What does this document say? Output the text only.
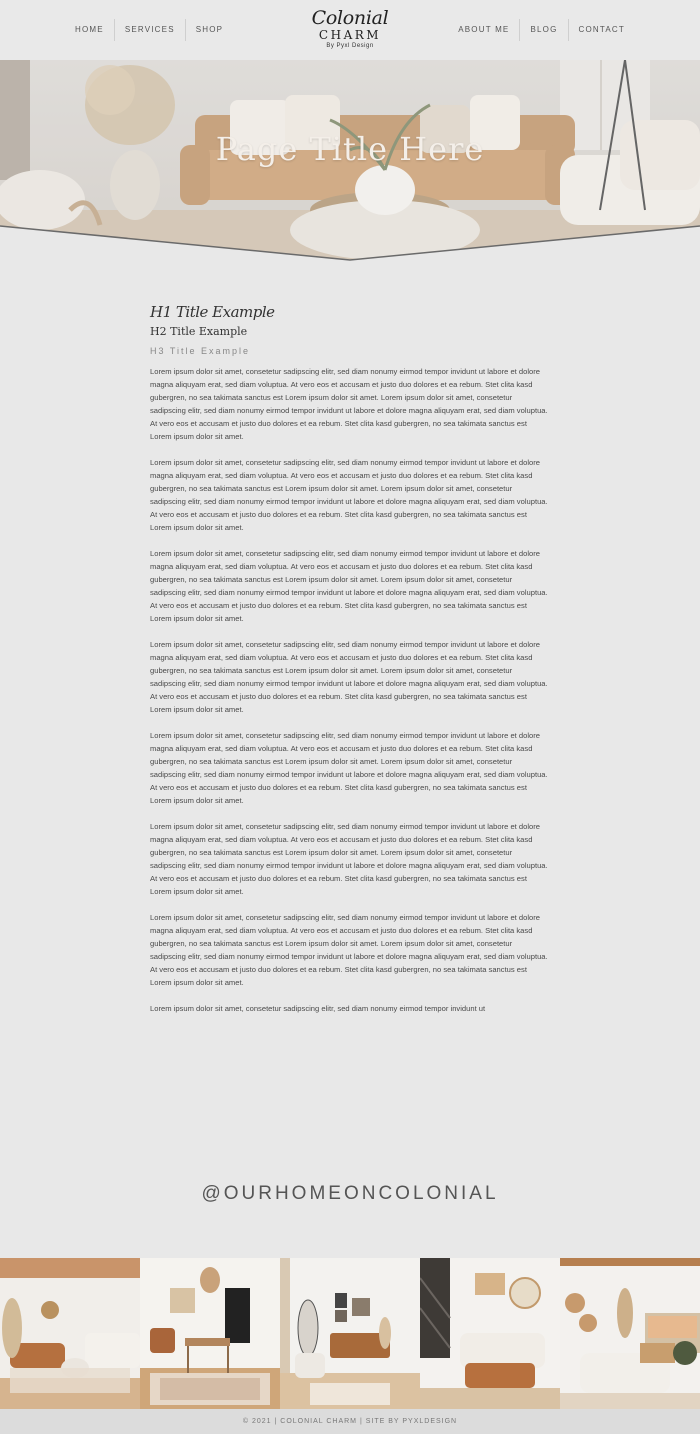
HOME	SERVICES	SHOP
Colonial
CHARM
By Pyxl Design
ABOUT ME	BLOG	CONTACT
Page Title Here
H1 Title Example
H2 Title Example
H3 Title Example

Lorem ipsum dolor sit amet, consetetur sadipscing elitr, sed diam nonumy eirmod tempor invidunt ut labore et dolore magna aliquyam erat, sed diam voluptua. At vero eos et accusam et justo duo dolores et ea rebum. Stet clita kasd gubergren, no sea takimata sanctus est Lorem ipsum dolor sit amet. Lorem ipsum dolor sit amet, consetetur sadipscing elitr, sed diam nonumy eirmod tempor invidunt ut labore et dolore magna aliquyam erat, sed diam voluptua. At vero eos et accusam et justo duo dolores et ea rebum. Stet clita kasd gubergren, no sea takimata sanctus est Lorem ipsum dolor sit amet.

Lorem ipsum dolor sit amet, consetetur sadipscing elitr, sed diam nonumy eirmod tempor invidunt ut labore et dolore magna aliquyam erat, sed diam voluptua. At vero eos et accusam et justo duo dolores et ea rebum. Stet clita kasd gubergren, no sea takimata sanctus est Lorem ipsum dolor sit amet. Lorem ipsum dolor sit amet, consetetur sadipscing elitr, sed diam nonumy eirmod tempor invidunt ut labore et dolore magna aliquyam erat, sed diam voluptua. At vero eos et accusam et justo duo dolores et ea rebum. Stet clita kasd gubergren, no sea takimata sanctus est Lorem ipsum dolor sit amet.

Lorem ipsum dolor sit amet, consetetur sadipscing elitr, sed diam nonumy eirmod tempor invidunt ut labore et dolore magna aliquyam erat, sed diam voluptua. At vero eos et accusam et justo duo dolores et ea rebum. Stet clita kasd gubergren, no sea takimata sanctus est Lorem ipsum dolor sit amet. Lorem ipsum dolor sit amet, consetetur sadipscing elitr, sed diam nonumy eirmod tempor invidunt ut labore et dolore magna aliquyam erat, sed diam voluptua. At vero eos et accusam et justo duo dolores et ea rebum. Stet clita kasd gubergren, no sea takimata sanctus est Lorem ipsum dolor sit amet.

Lorem ipsum dolor sit amet, consetetur sadipscing elitr, sed diam nonumy eirmod tempor invidunt ut labore et dolore magna aliquyam erat, sed diam voluptua. At vero eos et accusam et justo duo dolores et ea rebum. Stet clita kasd gubergren, no sea takimata sanctus est Lorem ipsum dolor sit amet. Lorem ipsum dolor sit amet, consetetur sadipscing elitr, sed diam nonumy eirmod tempor invidunt ut labore et dolore magna aliquyam erat, sed diam voluptua. At vero eos et accusam et justo duo dolores et ea rebum. Stet clita kasd gubergren, no sea takimata sanctus est Lorem ipsum dolor sit amet.

Lorem ipsum dolor sit amet, consetetur sadipscing elitr, sed diam nonumy eirmod tempor invidunt ut labore et dolore magna aliquyam erat, sed diam voluptua. At vero eos et accusam et justo duo dolores et ea rebum. Stet clita kasd gubergren, no sea takimata sanctus est Lorem ipsum dolor sit amet. Lorem ipsum dolor sit amet, consetetur sadipscing elitr, sed diam nonumy eirmod tempor invidunt ut labore et dolore magna aliquyam erat, sed diam voluptua. At vero eos et accusam et justo duo dolores et ea rebum. Stet clita kasd gubergren, no sea takimata sanctus est Lorem ipsum dolor sit amet.

Lorem ipsum dolor sit amet, consetetur sadipscing elitr, sed diam nonumy eirmod tempor invidunt ut labore et dolore magna aliquyam erat, sed diam voluptua. At vero eos et accusam et justo duo dolores et ea rebum. Stet clita kasd gubergren, no sea takimata sanctus est Lorem ipsum dolor sit amet. Lorem ipsum dolor sit amet, consetetur sadipscing elitr, sed diam nonumy eirmod tempor invidunt ut labore et dolore magna aliquyam erat, sed diam voluptua. At vero eos et accusam et justo duo dolores et ea rebum. Stet clita kasd gubergren, no sea takimata sanctus est Lorem ipsum dolor sit amet.

Lorem ipsum dolor sit amet, consetetur sadipscing elitr, sed diam nonumy eirmod tempor invidunt ut labore et dolore magna aliquyam erat, sed diam voluptua. At vero eos et accusam et justo duo dolores et ea rebum. Stet clita kasd gubergren, no sea takimata sanctus est Lorem ipsum dolor sit amet. Lorem ipsum dolor sit amet, consetetur sadipscing elitr, sed diam nonumy eirmod tempor invidunt ut labore et dolore magna aliquyam erat, sed diam voluptua. At vero eos et accusam et justo duo dolores et ea rebum. Stet clita kasd gubergren, no sea takimata sanctus est Lorem ipsum dolor sit amet.

Lorem ipsum dolor sit amet, consetetur sadipscing elitr, sed diam nonumy eirmod tempor invidunt ut

@OURHOMEONCOLONIAL
© 2021 | COLONIAL CHARM | SITE BY PYXLDESIGN
